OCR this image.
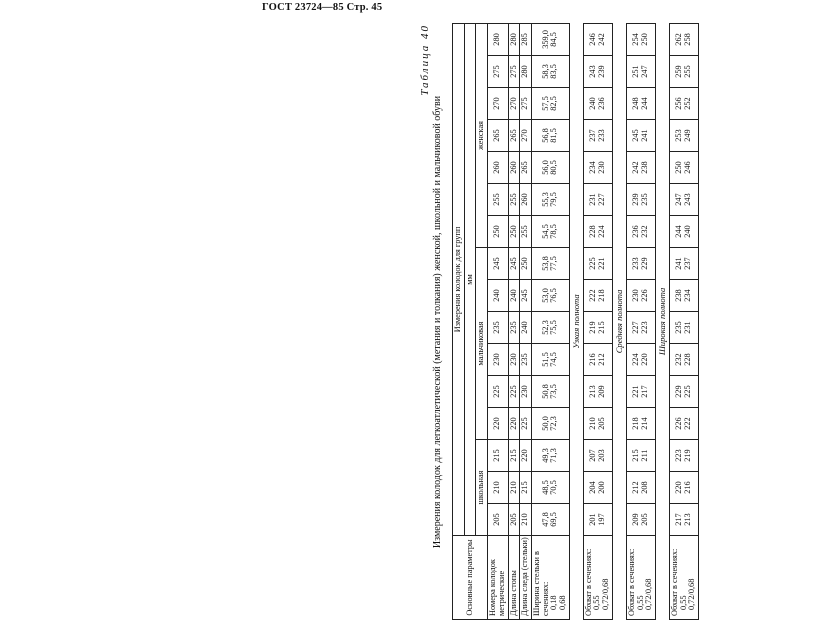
ГОСТ 23724—85 Стр. 45
Таблица 40
Измерения колодок для легкоатлетической (метания и толкания) женской, школьной и мальчиковой обуви
Основные параметры	Измерения колодок для групп															
	мм															
	школьная			мальчиковая						женская						
Номера колодок метрические	205	210	215	220	225	230	235	240	245	250	255	260	265	270	275	280
Длина стопы	205	210	215	220	225	230	235	240	245	250	255	260	265	270	275	280
Длина следа (стельки)	210	215	220	225	230	235	240	245	250	255	260	265	270	275	280	285
Ширина стельки в сечениях: 0,18 0,68	47,8 69,5	48,5 70,5	49,3 71,3	50,0 72,3	50,8 73,5	51,5 74,5	52,3 75,5	53,0 76,5	53,8 77,5	54,5 78,5	55,3 79,5	56,0 80,5	56,8 81,5	57,5 82,5	58,3 83,5	359,0 84,5

Узкая полнота																
Обхват в сечениях: 0,55 0,72/0,68	201 197	204 200	207 203	210 205	213 209	216 212	219 215	222 218	225 221	228 224	231 227	234 230	237 233	240 236	243 239	246 242

Средняя полнота																
Обхват в сечениях: 0,55 0,72/0,68	209 205	212 208	215 211	218 214	221 217	224 220	227 223	230 226	233 229	236 232	239 235	242 238	245 241	248 244	251 247	254 250

Широкая полнота																
Обхват в сечениях: 0,55 0,72/0,68	217 213	220 216	223 219	226 222	229 225	232 228	235 231	238 234	241 237	244 240	247 243	250 246	253 249	256 252	259 255	262 258
